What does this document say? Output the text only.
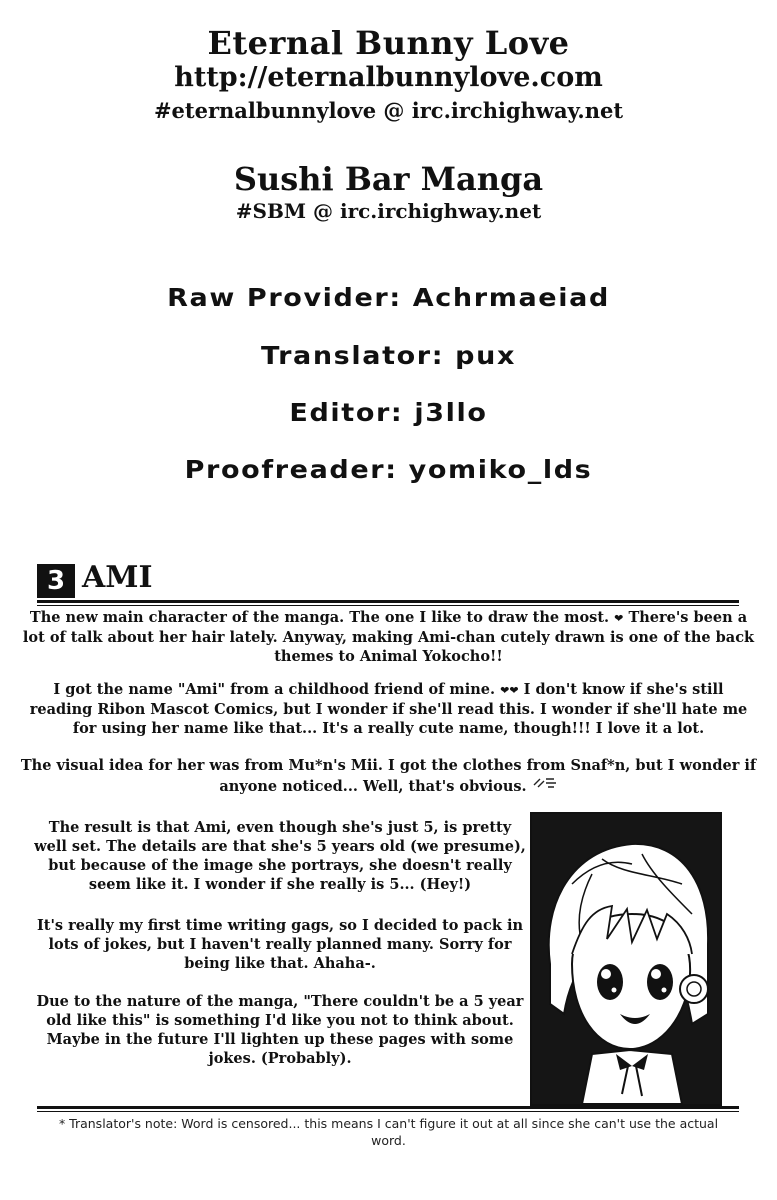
Eternal Bunny Love
http://eternalbunnylove.com
#eternalbunnylove @ irc.irchighway.net
Sushi Bar Manga
#SBM @ irc.irchighway.net
Raw Provider: Achrmaeiad
Translator: pux
Editor: j3llo
Proofreader: yomiko_lds
3 AMI

The new main character of the manga. The one I like to draw the most. ❤ There's been a lot of talk about her hair lately. Anyway, making Ami-chan cutely drawn is one of the back themes to Animal Yokocho!!

I got the name "Ami" from a childhood friend of mine. ❤❤ I don't know if she's still reading Ribon Mascot Comics, but I wonder if she'll read this. I wonder if she'll hate me for using her name like that... It's a really cute name, though!!! I love it a lot.

The visual idea for her was from Mu*n's Mii. I got the clothes from Snaf*n, but I wonder if anyone noticed... Well, that's obvious.

The result is that Ami, even though she's just 5, is pretty well set. The details are that she's 5 years old (we presume), but because of the image she portrays, she doesn't really seem like it. I wonder if she really is 5... (Hey!)

It's really my first time writing gags, so I decided to pack in lots of jokes, but I haven't really planned many. Sorry for being like that. Ahaha-.

Due to the nature of the manga, "There couldn't be a 5 year old like this" is something I'd like you not to think about. Maybe in the future I'll lighten up these pages with some jokes. (Probably).

* Translator's note: Word is censored... this means I can't figure it out at all since she can't use the actual word.
